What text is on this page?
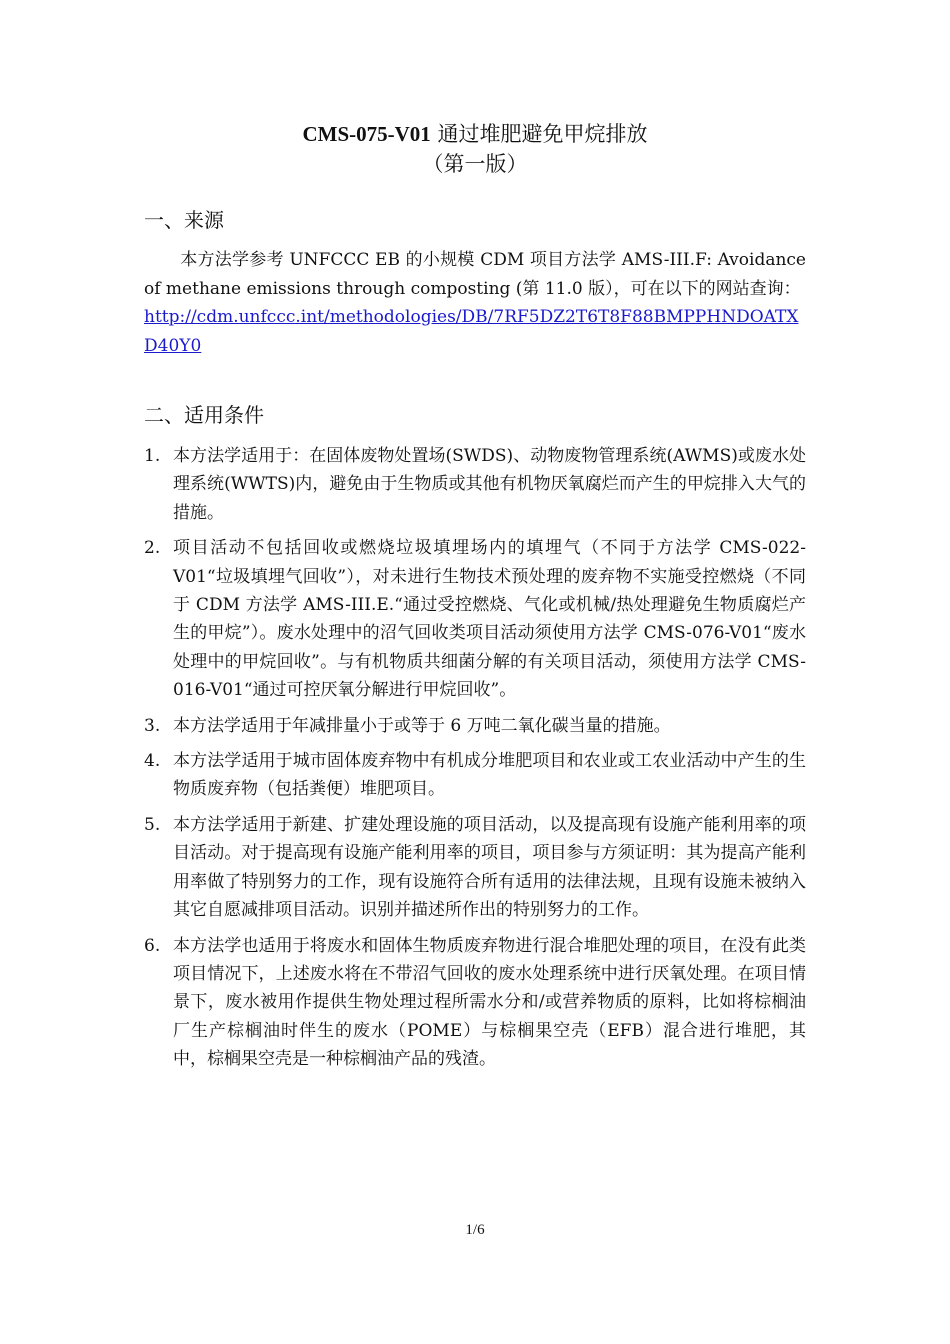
CMS-075-V01 通过堆肥避免甲烷排放
（第一版）
一、来源
本方法学参考 UNFCCC EB 的小规模 CDM 项目方法学 AMS-III.F: Avoidance of methane emissions through composting (第 11.0 版），可在以下的网站查询：
http://cdm.unfccc.int/methodologies/DB/7RF5DZ2T6T8F88BMPPHNDOATXD40Y0
二、适用条件
1. 本方法学适用于：在固体废物处置场(SWDS)、动物废物管理系统(AWMS)或废水处理系统(WWTS)内，避免由于生物质或其他有机物厌氧腐烂而产生的甲烷排入大气的措施。
2. 项目活动不包括回收或燃烧垃圾填埋场内的填埋气（不同于方法学 CMS-022-V01“垃圾填埋气回收”），对未进行生物技术预处理的废弃物不实施受控燃烧（不同于 CDM 方法学 AMS-III.E.“通过受控燃烧、气化或机械/热处理避免生物质腐烂产生的甲烷”）。废水处理中的沼气回收类项目活动须使用方法学 CMS-076-V01“废水处理中的甲烷回收”。与有机物质共细菌分解的有关项目活动，须使用方法学 CMS-016-V01“通过可控厌氧分解进行甲烷回收”。
3. 本方法学适用于年减排量小于或等于 6 万吨二氧化碳当量的措施。
4. 本方法学适用于城市固体废弃物中有机成分堆肥项目和农业或工农业活动中产生的生物质废弃物（包括粪便）堆肥项目。
5. 本方法学适用于新建、扩建处理设施的项目活动，以及提高现有设施产能利用率的项目活动。对于提高现有设施产能利用率的项目，项目参与方须证明：其为提高产能利用率做了特别努力的工作，现有设施符合所有适用的法律法规，且现有设施未被纳入其它自愿减排项目活动。识别并描述所作出的特别努力的工作。
6. 本方法学也适用于将废水和固体生物质废弃物进行混合堆肥处理的项目，在没有此类项目情况下，上述废水将在不带沼气回收的废水处理系统中进行厌氧处理。在项目情景下，废水被用作提供生物处理过程所需水分和/或营养物质的原料，比如将棕榈油厂生产棕榈油时伴生的废水（POME）与棕榈果空壳（EFB）混合进行堆肥，其中，棕榈果空壳是一种棕榈油产品的残渣。
1/6
